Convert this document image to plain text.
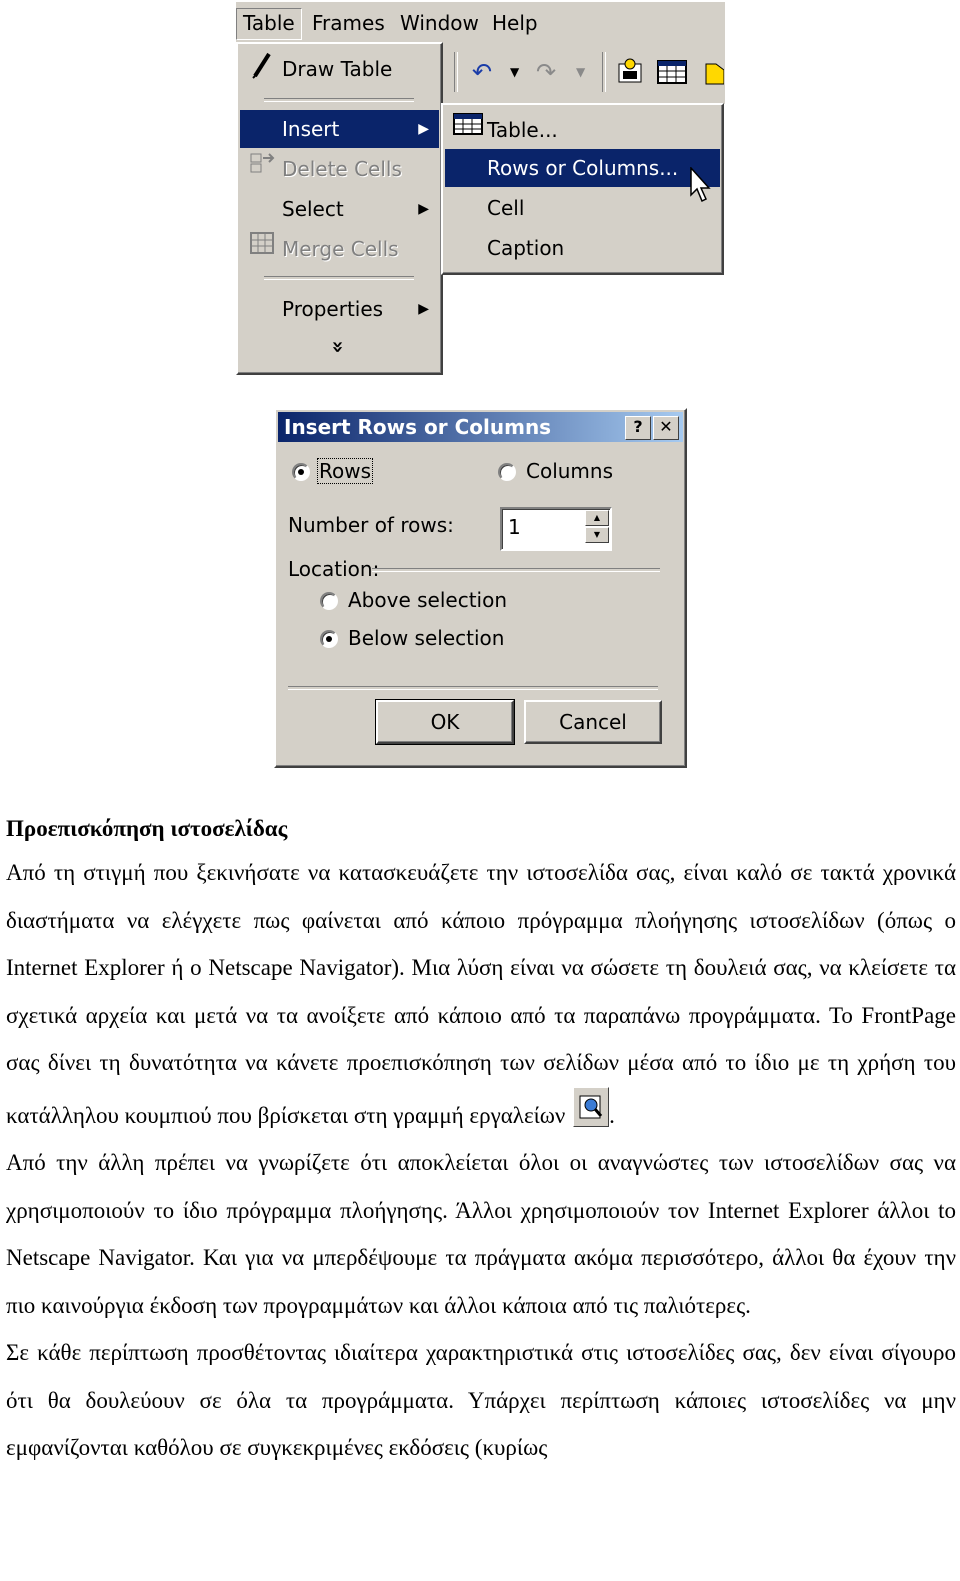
Table Frames Window Help
↶ ▼ ↷ ▼
Draw Table
Insert	▶
Delete Cells
Select	▶
Merge Cells
Properties	▶
»
Table...
Rows or Columns...
Cell
Caption
Insert Rows or Columns	?	✕
Rows	Columns
Number of rows:	1	▲
▼
Location:
Above selection
Below selection
OK	Cancel
Προεπισκόπηση ιστοσελίδας

Από τη στιγμή που ξεκινήσατε να κατασκευάζετε την ιστοσελίδα σας, είναι καλό σε τακτά χρονικά διαστήματα να ελέγχετε πως φαίνεται από κάποιο πρόγραμμα πλοήγησης ιστοσελίδων (όπως ο Internet Explorer ή ο Netscape Navigator). Μια λύση είναι να σώσετε τη δουλειά σας, να κλείσετε τα σχετικά αρχεία και μετά να τα ανοίξετε από κάποιο από τα παραπάνω προγράμματα. Το FrontPage σας δίνει τη δυνατότητα να κάνετε προεπισκόπηση των σελίδων μέσα από το ίδιο με τη χρήση του κατάλληλου κουμπιού που βρίσκεται στη γραμμή εργαλείων .

Από την άλλη πρέπει να γνωρίζετε ότι αποκλείεται όλοι οι αναγνώστες των ιστοσελίδων σας να χρησιμοποιούν το ίδιο πρόγραμμα πλοήγησης. Άλλοι χρησιμοποιούν τον Internet Explorer άλλοι to Netscape Navigator. Και για να μπερδέψουμε τα πράγματα ακόμα περισσότερο, άλλοι θα έχουν την πιο καινούργια έκδοση των προγραμμάτων και άλλοι κάποια από τις παλιότερες.

Σε κάθε περίπτωση προσθέτοντας ιδιαίτερα χαρακτηριστικά στις ιστοσελίδες σας, δεν είναι σίγουρο ότι θα δουλεύουν σε όλα τα προγράμματα. Υπάρχει περίπτωση κάποιες ιστοσελίδες να μην εμφανίζονται καθόλου σε συγκεκριμένες εκδόσεις (κυρίως
